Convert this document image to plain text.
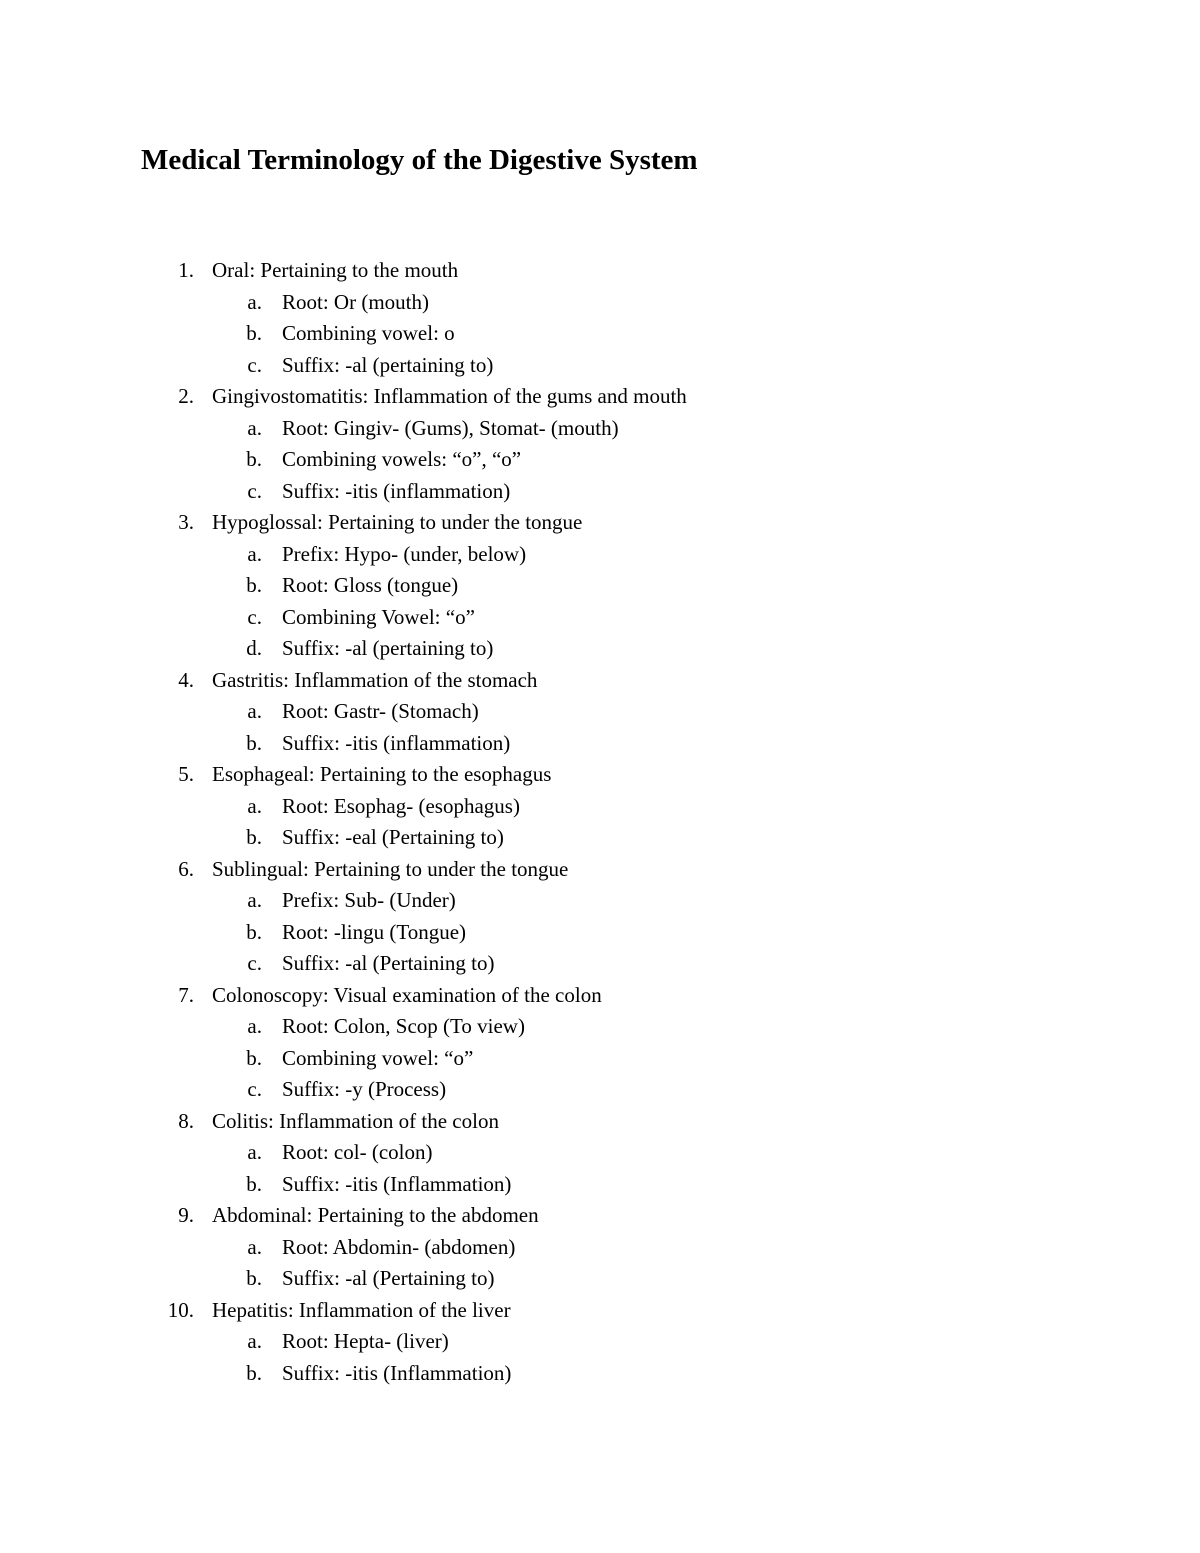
Medical Terminology of the Digestive System
1. Oral: Pertaining to the mouth
a. Root: Or (mouth)
b. Combining vowel: o
c. Suffix: -al (pertaining to)
2. Gingivostomatitis: Inflammation of the gums and mouth
a. Root: Gingiv- (Gums), Stomat- (mouth)
b. Combining vowels: “o”, “o”
c. Suffix: -itis (inflammation)
3. Hypoglossal: Pertaining to under the tongue
a. Prefix: Hypo- (under, below)
b. Root: Gloss (tongue)
c. Combining Vowel: “o”
d. Suffix: -al (pertaining to)
4. Gastritis: Inflammation of the stomach
a. Root: Gastr- (Stomach)
b. Suffix: -itis (inflammation)
5. Esophageal: Pertaining to the esophagus
a. Root: Esophag- (esophagus)
b. Suffix: -eal (Pertaining to)
6. Sublingual: Pertaining to under the tongue
a. Prefix: Sub- (Under)
b. Root: -lingu (Tongue)
c. Suffix: -al (Pertaining to)
7. Colonoscopy: Visual examination of the colon
a. Root: Colon, Scop (To view)
b. Combining vowel: “o”
c. Suffix: -y (Process)
8. Colitis: Inflammation of the colon
a. Root: col- (colon)
b. Suffix: -itis (Inflammation)
9. Abdominal: Pertaining to the abdomen
a. Root: Abdomin- (abdomen)
b. Suffix: -al (Pertaining to)
10. Hepatitis: Inflammation of the liver
a. Root: Hepta- (liver)
b. Suffix: -itis (Inflammation)
